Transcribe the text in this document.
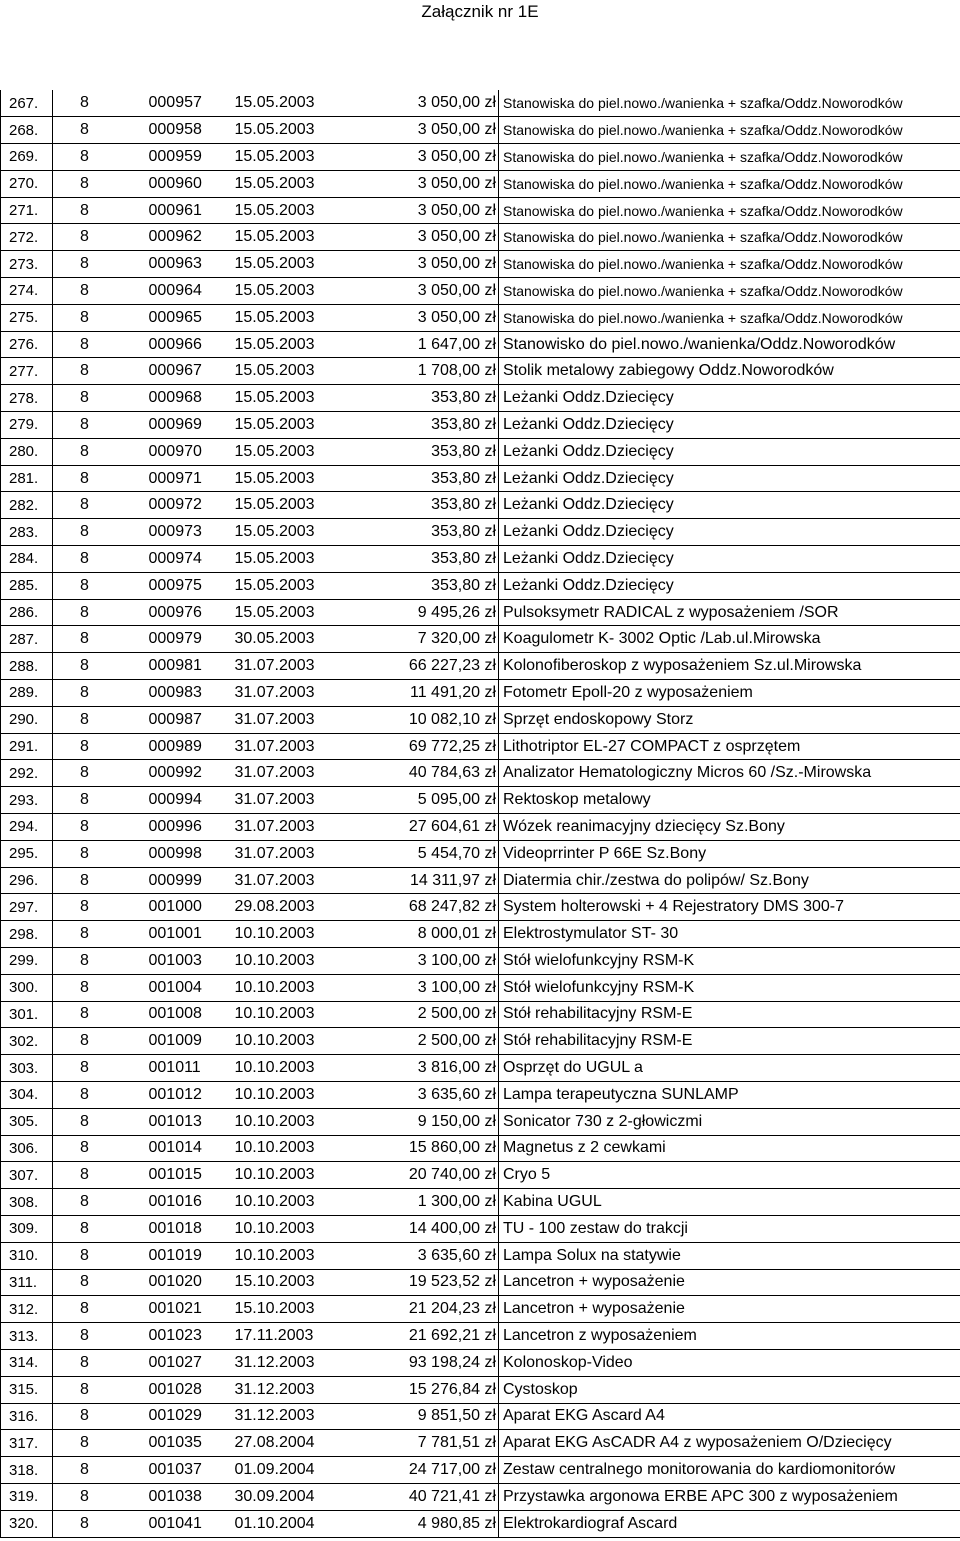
Załącznik nr 1E
267.	8	000957	15.05.2003	3 050,00 zł	Stanowiska do piel.nowo./wanienka + szafka/Oddz.Noworodków
268.	8	000958	15.05.2003	3 050,00 zł	Stanowiska do piel.nowo./wanienka + szafka/Oddz.Noworodków
269.	8	000959	15.05.2003	3 050,00 zł	Stanowiska do piel.nowo./wanienka + szafka/Oddz.Noworodków
270.	8	000960	15.05.2003	3 050,00 zł	Stanowiska do piel.nowo./wanienka + szafka/Oddz.Noworodków
271.	8	000961	15.05.2003	3 050,00 zł	Stanowiska do piel.nowo./wanienka + szafka/Oddz.Noworodków
272.	8	000962	15.05.2003	3 050,00 zł	Stanowiska do piel.nowo./wanienka + szafka/Oddz.Noworodków
273.	8	000963	15.05.2003	3 050,00 zł	Stanowiska do piel.nowo./wanienka + szafka/Oddz.Noworodków
274.	8	000964	15.05.2003	3 050,00 zł	Stanowiska do piel.nowo./wanienka + szafka/Oddz.Noworodków
275.	8	000965	15.05.2003	3 050,00 zł	Stanowiska do piel.nowo./wanienka + szafka/Oddz.Noworodków
276.	8	000966	15.05.2003	1 647,00 zł	Stanowisko do piel.nowo./wanienka/Oddz.Noworodków
277.	8	000967	15.05.2003	1 708,00 zł	Stolik metalowy zabiegowy Oddz.Noworodków
278.	8	000968	15.05.2003	353,80 zł	Leżanki Oddz.Dziecięcy
279.	8	000969	15.05.2003	353,80 zł	Leżanki Oddz.Dziecięcy
280.	8	000970	15.05.2003	353,80 zł	Leżanki Oddz.Dziecięcy
281.	8	000971	15.05.2003	353,80 zł	Leżanki Oddz.Dziecięcy
282.	8	000972	15.05.2003	353,80 zł	Leżanki Oddz.Dziecięcy
283.	8	000973	15.05.2003	353,80 zł	Leżanki Oddz.Dziecięcy
284.	8	000974	15.05.2003	353,80 zł	Leżanki Oddz.Dziecięcy
285.	8	000975	15.05.2003	353,80 zł	Leżanki Oddz.Dziecięcy
286.	8	000976	15.05.2003	9 495,26 zł	Pulsoksymetr RADICAL z wyposażeniem /SOR
287.	8	000979	30.05.2003	7 320,00 zł	Koagulometr K- 3002 Optic /Lab.ul.Mirowska
288.	8	000981	31.07.2003	66 227,23 zł	Kolonofiberoskop z wyposażeniem Sz.ul.Mirowska
289.	8	000983	31.07.2003	11 491,20 zł	Fotometr Epoll-20 z wyposażeniem
290.	8	000987	31.07.2003	10 082,10 zł	Sprzęt endoskopowy Storz
291.	8	000989	31.07.2003	69 772,25 zł	Lithotriptor EL-27 COMPACT z osprzętem
292.	8	000992	31.07.2003	40 784,63 zł	Analizator Hematologiczny Micros 60 /Sz.-Mirowska
293.	8	000994	31.07.2003	5 095,00 zł	Rektoskop metalowy
294.	8	000996	31.07.2003	27 604,61 zł	Wózek reanimacyjny dziecięcy Sz.Bony
295.	8	000998	31.07.2003	5 454,70 zł	Videoprrinter P 66E Sz.Bony
296.	8	000999	31.07.2003	14 311,97 zł	Diatermia chir./zestwa do polipów/ Sz.Bony
297.	8	001000	29.08.2003	68 247,82 zł	System holterowski + 4 Rejestratory DMS 300-7
298.	8	001001	10.10.2003	8 000,01 zł	Elektrostymulator ST- 30
299.	8	001003	10.10.2003	3 100,00 zł	Stół wielofunkcyjny RSM-K
300.	8	001004	10.10.2003	3 100,00 zł	Stół wielofunkcyjny RSM-K
301.	8	001008	10.10.2003	2 500,00 zł	Stół rehabilitacyjny RSM-E
302.	8	001009	10.10.2003	2 500,00 zł	Stół rehabilitacyjny RSM-E
303.	8	001011	10.10.2003	3 816,00 zł	Osprzęt do UGUL a
304.	8	001012	10.10.2003	3 635,60 zł	Lampa terapeutyczna SUNLAMP
305.	8	001013	10.10.2003	9 150,00 zł	Sonicator 730 z 2-głowiczmi
306.	8	001014	10.10.2003	15 860,00 zł	Magnetus z 2 cewkami
307.	8	001015	10.10.2003	20 740,00 zł	Cryo 5
308.	8	001016	10.10.2003	1 300,00 zł	Kabina UGUL
309.	8	001018	10.10.2003	14 400,00 zł	TU - 100 zestaw do trakcji
310.	8	001019	10.10.2003	3 635,60 zł	Lampa Solux na statywie
311.	8	001020	15.10.2003	19 523,52 zł	Lancetron + wyposażenie
312.	8	001021	15.10.2003	21 204,23 zł	Lancetron + wyposażenie
313.	8	001023	17.11.2003	21 692,21 zł	Lancetron z wyposażeniem
314.	8	001027	31.12.2003	93 198,24 zł	Kolonoskop-Video
315.	8	001028	31.12.2003	15 276,84 zł	Cystoskop
316.	8	001029	31.12.2003	9 851,50 zł	Aparat EKG Ascard A4
317.	8	001035	27.08.2004	7 781,51 zł	Aparat EKG AsCADR A4 z wyposażeniem O/Dziecięcy
318.	8	001037	01.09.2004	24 717,00 zł	Zestaw centralnego monitorowania do kardiomonitorów
319.	8	001038	30.09.2004	40 721,41 zł	Przystawka argonowa ERBE APC 300 z wyposażeniem
320.	8	001041	01.10.2004	4 980,85 zł	Elektrokardiograf Ascard
